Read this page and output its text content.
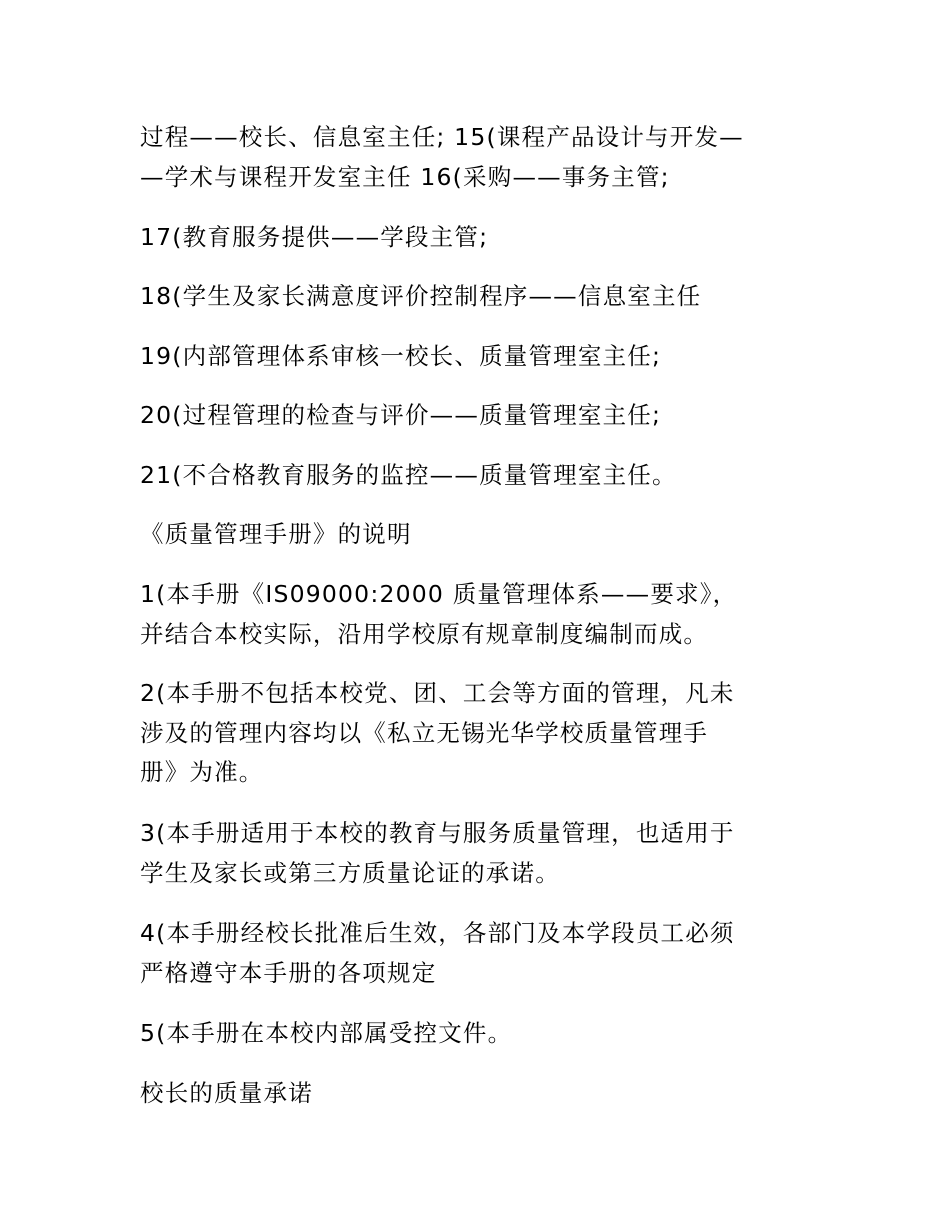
过程——校长、信息室主任; 15(课程产品设计与开发—
—学术与课程开发室主任 16(采购——事务主管;

17(教育服务提供——学段主管;

18(学生及家长满意度评价控制程序——信息室主任

19(内部管理体系审核一校长、质量管理室主任;

20(过程管理的检查与评价——质量管理室主任;

21(不合格教育服务的监控——质量管理室主任。

《质量管理手册》的说明

1(本手册《IS09000:2000 质量管理体系——要求》，
并结合本校实际，沿用学校原有规章制度编制而成。

2(本手册不包括本校党、团、工会等方面的管理，凡未
涉及的管理内容均以《私立无锡光华学校质量管理手
册》为准。

3(本手册适用于本校的教育与服务质量管理，也适用于
学生及家长或第三方质量论证的承诺。

4(本手册经校长批准后生效，各部门及本学段员工必须
严格遵守本手册的各项规定

5(本手册在本校内部属受控文件。

校长的质量承诺
